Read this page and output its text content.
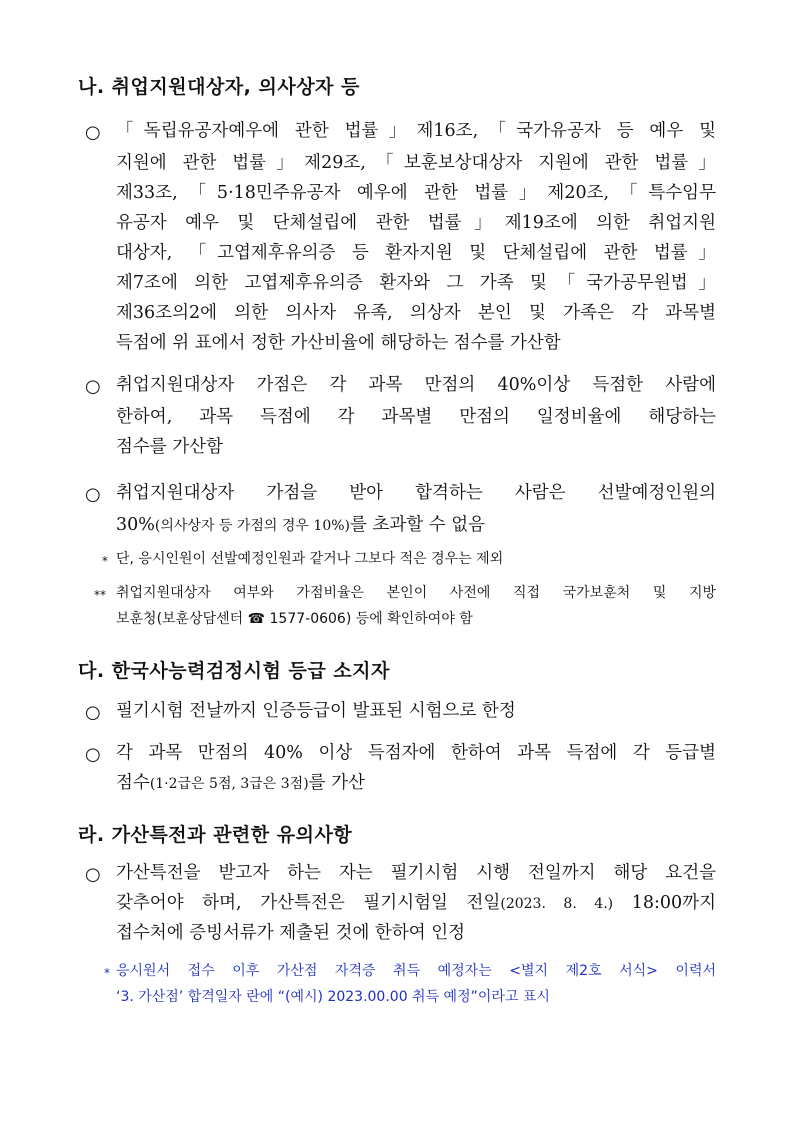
나. 취업지원대상자, 의사상자 등
○ 「독립유공자예우에 관한 법률」제16조,「국가유공자 등 예우 및
지원에 관한 법률」제29조,「보훈보상대상자 지원에 관한 법률」
제33조,「5·18민주유공자 예우에 관한 법률」제20조,「특수임무
유공자 예우 및 단체설립에 관한 법률」제19조에 의한 취업지원
대상자, 「고엽제후유의증 등 환자지원 및 단체설립에 관한 법률」
제7조에 의한 고엽제후유의증 환자와 그 가족 및「국가공무원법」
제36조의2에 의한 의사자 유족, 의상자 본인 및 가족은 각 과목별
득점에 위 표에서 정한 가산비율에 해당하는 점수를 가산함
○ 취업지원대상자 가점은 각 과목 만점의 40%이상 득점한 사람에
한하여, 과목 득점에 각 과목별 만점의 일정비율에 해당하는
점수를 가산함
○ 취업지원대상자 가점을 받아 합격하는 사람은 선발예정인원의
30%(의사상자 등 가점의 경우 10%)를 초과할 수 없음
* 단, 응시인원이 선발예정인원과 같거나 그보다 적은 경우는 제외
** 취업지원대상자 여부와 가점비율은 본인이 사전에 직접 국가보훈처 및 지방
보훈청(보훈상담센터 ☎ 1577-0606) 등에 확인하여야 함
다. 한국사능력검정시험 등급 소지자
○ 필기시험 전날까지 인증등급이 발표된 시험으로 한정
○ 각 과목 만점의 40% 이상 득점자에 한하여 과목 득점에 각 등급별
점수(1·2급은 5점, 3급은 3점)를 가산
라. 가산특전과 관련한 유의사항
○ 가산특전을 받고자 하는 자는 필기시험 시행 전일까지 해당 요건을
갖추어야 하며, 가산특전은 필기시험일 전일(2023. 8. 4.) 18:00까지
접수처에 증빙서류가 제출된 것에 한하여 인정
* 응시원서 접수 이후 가산점 자격증 취득 예정자는 <별지 제2호 서식> 이력서
‘3. 가산점’ 합격일자 란에 “(예시) 2023.00.00 취득 예정”이라고 표시
